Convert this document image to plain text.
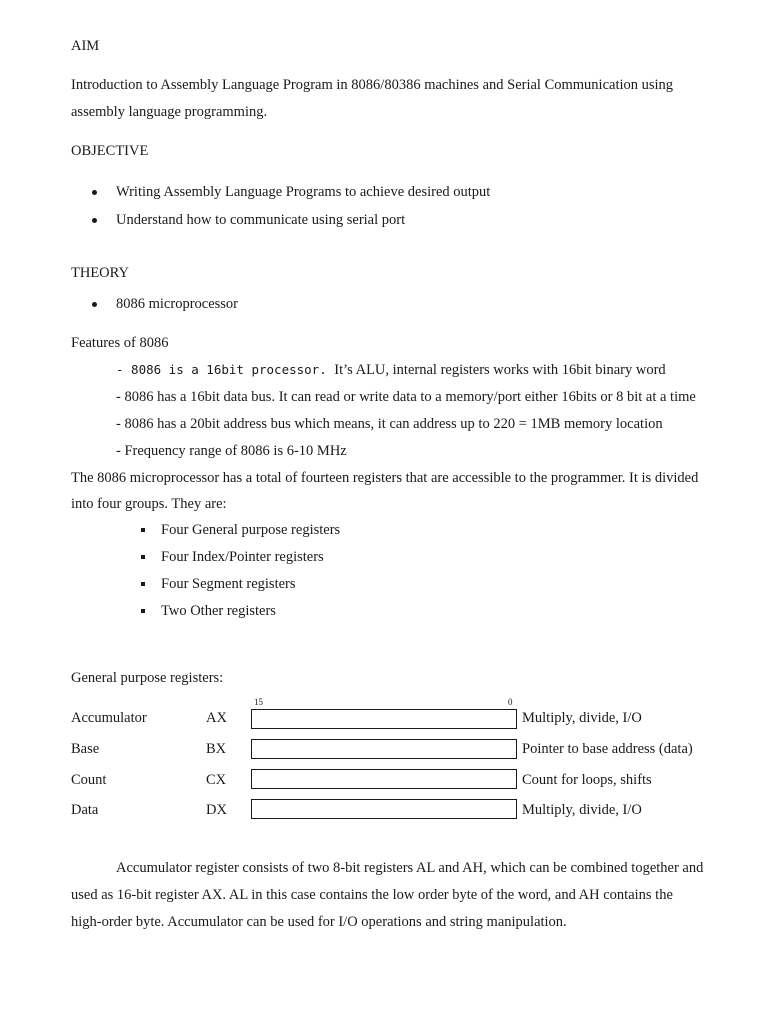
AIM
Introduction to Assembly Language Program in 8086/80386 machines and Serial Communication using
assembly language programming.
OBJECTIVE
Writing Assembly Language Programs to achieve desired output
Understand how to communicate using serial port
THEORY
8086 microprocessor
Features of 8086
- 8086 is a 16bit processor. It’s ALU, internal registers works with 16bit binary word
- 8086 has a 16bit data bus. It can read or write data to a memory/port either 16bits or 8 bit at a time
- 8086 has a 20bit address bus which means, it can address up to 220 = 1MB memory location
- Frequency range of 8086 is 6-10 MHz
The 8086 microprocessor has a total of fourteen registers that are accessible to the programmer. It is divided
into four groups. They are:
Four General purpose registers
Four Index/Pointer registers
Four Segment registers
Two Other registers
General purpose registers:
15	0
Accumulator	AX	Multiply, divide, I/O
Base	BX	Pointer to base address (data)
Count	CX	Count for loops, shifts
Data	DX	Multiply, divide, I/O
Accumulator register consists of two 8-bit registers AL and AH, which can be combined together and
used as 16-bit register AX. AL in this case contains the low order byte of the word, and AH contains the
high-order byte. Accumulator can be used for I/O operations and string manipulation.
